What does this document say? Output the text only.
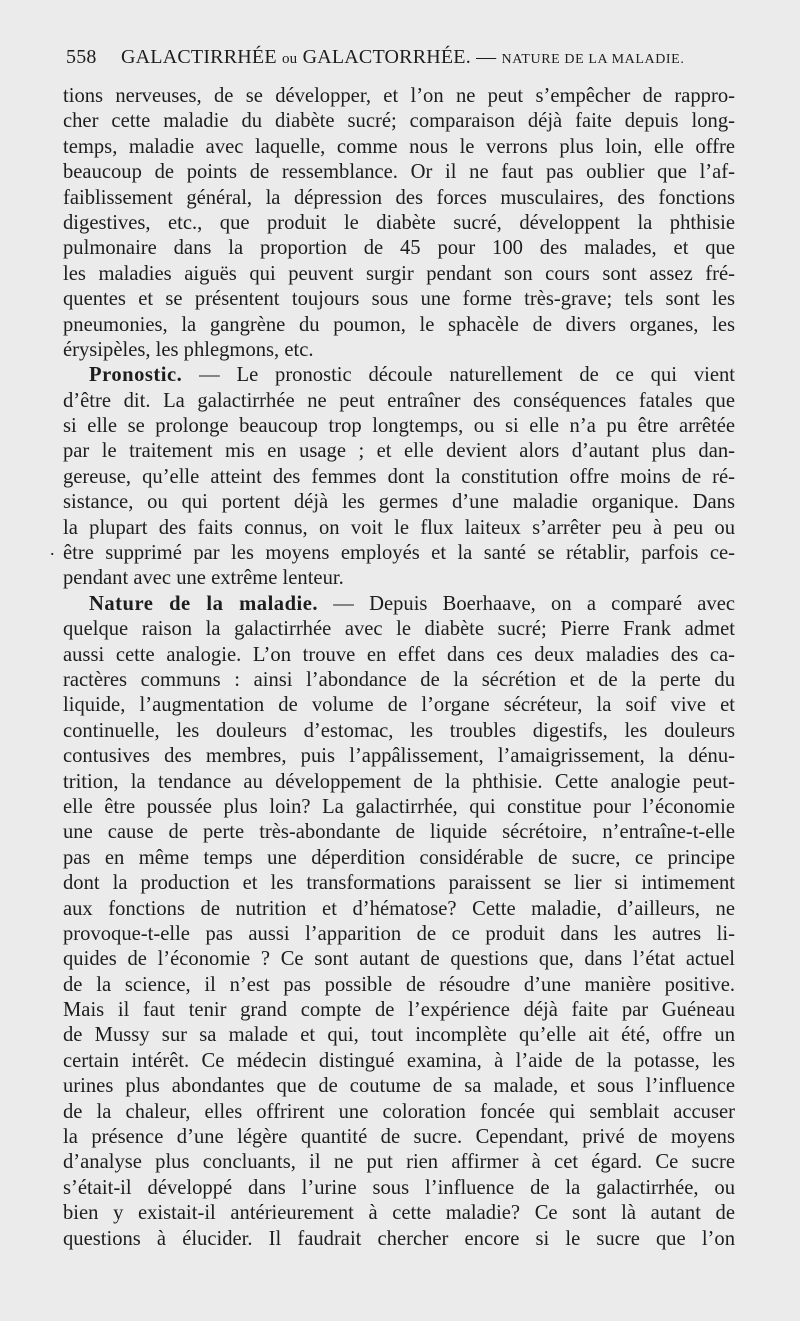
558 GALACTIRRHÉE ou GALACTORRHÉE. — NATURE DE LA MALADIE.
.
tions nerveuses, de se développer, et l’on ne peut s’empêcher de rappro-
cher cette maladie du diabète sucré; comparaison déjà faite depuis long-
temps, maladie avec laquelle, comme nous le verrons plus loin, elle offre
beaucoup de points de ressemblance. Or il ne faut pas oublier que l’af-
faiblissement général, la dépression des forces musculaires, des fonctions
digestives, etc., que produit le diabète sucré, développent la phthisie
pulmonaire dans la proportion de 45 pour 100 des malades, et que
les maladies aiguës qui peuvent surgir pendant son cours sont assez fré-
quentes et se présentent toujours sous une forme très-grave; tels sont les
pneumonies, la gangrène du poumon, le sphacèle de divers organes, les
érysipèles, les phlegmons, etc.
Pronostic. — Le pronostic découle naturellement de ce qui vient
d’être dit. La galactirrhée ne peut entraîner des conséquences fatales que
si elle se prolonge beaucoup trop longtemps, ou si elle n’a pu être arrêtée
par le traitement mis en usage ; et elle devient alors d’autant plus dan-
gereuse, qu’elle atteint des femmes dont la constitution offre moins de ré-
sistance, ou qui portent déjà les germes d’une maladie organique. Dans
la plupart des faits connus, on voit le flux laiteux s’arrêter peu à peu ou
être supprimé par les moyens employés et la santé se rétablir, parfois ce-
pendant avec une extrême lenteur.
Nature de la maladie. — Depuis Boerhaave, on a comparé avec
quelque raison la galactirrhée avec le diabète sucré; Pierre Frank admet
aussi cette analogie. L’on trouve en effet dans ces deux maladies des ca-
ractères communs : ainsi l’abondance de la sécrétion et de la perte du
liquide, l’augmentation de volume de l’organe sécréteur, la soif vive et
continuelle, les douleurs d’estomac, les troubles digestifs, les douleurs
contusives des membres, puis l’appâlissement, l’amaigrissement, la dénu-
trition, la tendance au développement de la phthisie. Cette analogie peut-
elle être poussée plus loin? La galactirrhée, qui constitue pour l’économie
une cause de perte très-abondante de liquide sécrétoire, n’entraîne-t-elle
pas en même temps une déperdition considérable de sucre, ce principe
dont la production et les transformations paraissent se lier si intimement
aux fonctions de nutrition et d’hématose? Cette maladie, d’ailleurs, ne
provoque-t-elle pas aussi l’apparition de ce produit dans les autres li-
quides de l’économie ? Ce sont autant de questions que, dans l’état actuel
de la science, il n’est pas possible de résoudre d’une manière positive.
Mais il faut tenir grand compte de l’expérience déjà faite par Guéneau
de Mussy sur sa malade et qui, tout incomplète qu’elle ait été, offre un
certain intérêt. Ce médecin distingué examina, à l’aide de la potasse, les
urines plus abondantes que de coutume de sa malade, et sous l’influence
de la chaleur, elles offrirent une coloration foncée qui semblait accuser
la présence d’une légère quantité de sucre. Cependant, privé de moyens
d’analyse plus concluants, il ne put rien affirmer à cet égard. Ce sucre
s’était-il développé dans l’urine sous l’influence de la galactirrhée, ou
bien y existait-il antérieurement à cette maladie? Ce sont là autant de
questions à élucider. Il faudrait chercher encore si le sucre que l’on
